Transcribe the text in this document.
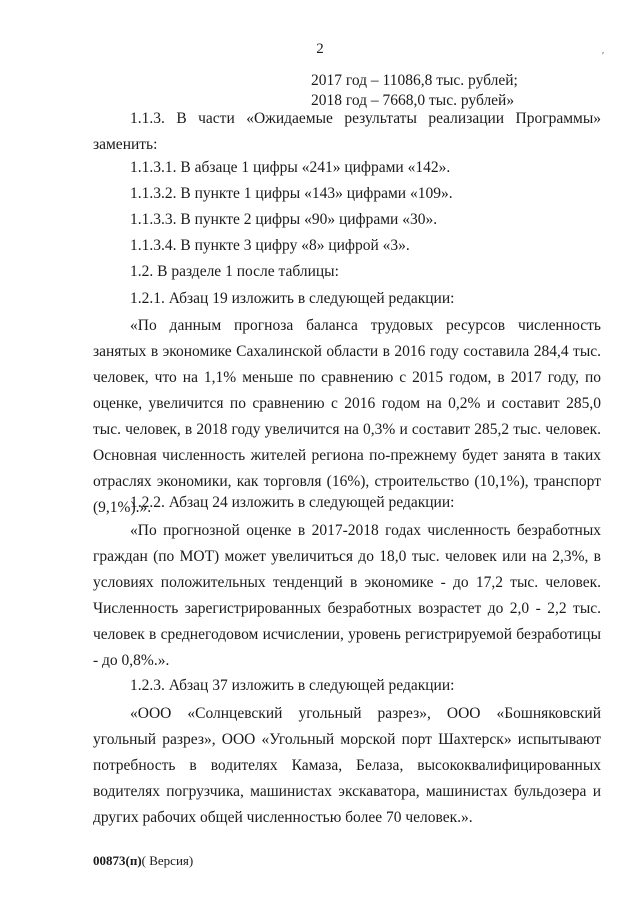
2	′
2017 год – 11086,8 тыс. рублей;
2018 год – 7668,0 тыс. рублей»
1.1.3. В части «Ожидаемые результаты реализации Программы» заменить:
1.1.3.1. В абзаце 1 цифры «241» цифрами «142».
1.1.3.2. В пункте 1 цифры «143» цифрами «109».
1.1.3.3. В пункте 2 цифры «90» цифрами «30».
1.1.3.4. В пункте 3 цифру «8» цифрой «3».
1.2. В разделе 1 после таблицы:
1.2.1. Абзац 19 изложить в следующей редакции:
«По данным прогноза баланса трудовых ресурсов численность занятых в экономике Сахалинской области в 2016 году составила 284,4 тыс. человек, что на 1,1% меньше по сравнению с 2015 годом, в 2017 году, по оценке, увеличится по сравнению с 2016 годом на 0,2% и составит 285,0 тыс. человек, в 2018 году увеличится на 0,3% и составит 285,2 тыс. человек. Основная численность жителей региона по-прежнему будет занята в таких отраслях экономики, как торговля (16%), строительство (10,1%), транспорт (9,1%).».
1.2.2. Абзац 24 изложить в следующей редакции:
«По прогнозной оценке в 2017-2018 годах численность безработных граждан (по МОТ) может увеличиться до 18,0 тыс. человек или на 2,3%, в условиях положительных тенденций в экономике - до 17,2 тыс. человек. Численность зарегистрированных безработных возрастет до 2,0 - 2,2 тыс. человек в среднегодовом исчислении, уровень регистрируемой безработицы - до 0,8%.».
1.2.3. Абзац 37 изложить в следующей редакции:
«ООО «Солнцевский угольный разрез», ООО «Бошняковский угольный разрез», ООО «Угольный морской порт Шахтерск» испытывают потребность в водителях Камаза, Белаза, высококвалифицированных водителях погрузчика, машинистах экскаватора, машинистах бульдозера и других рабочих общей численностью более 70 человек.».
00873(п)( Версия)
